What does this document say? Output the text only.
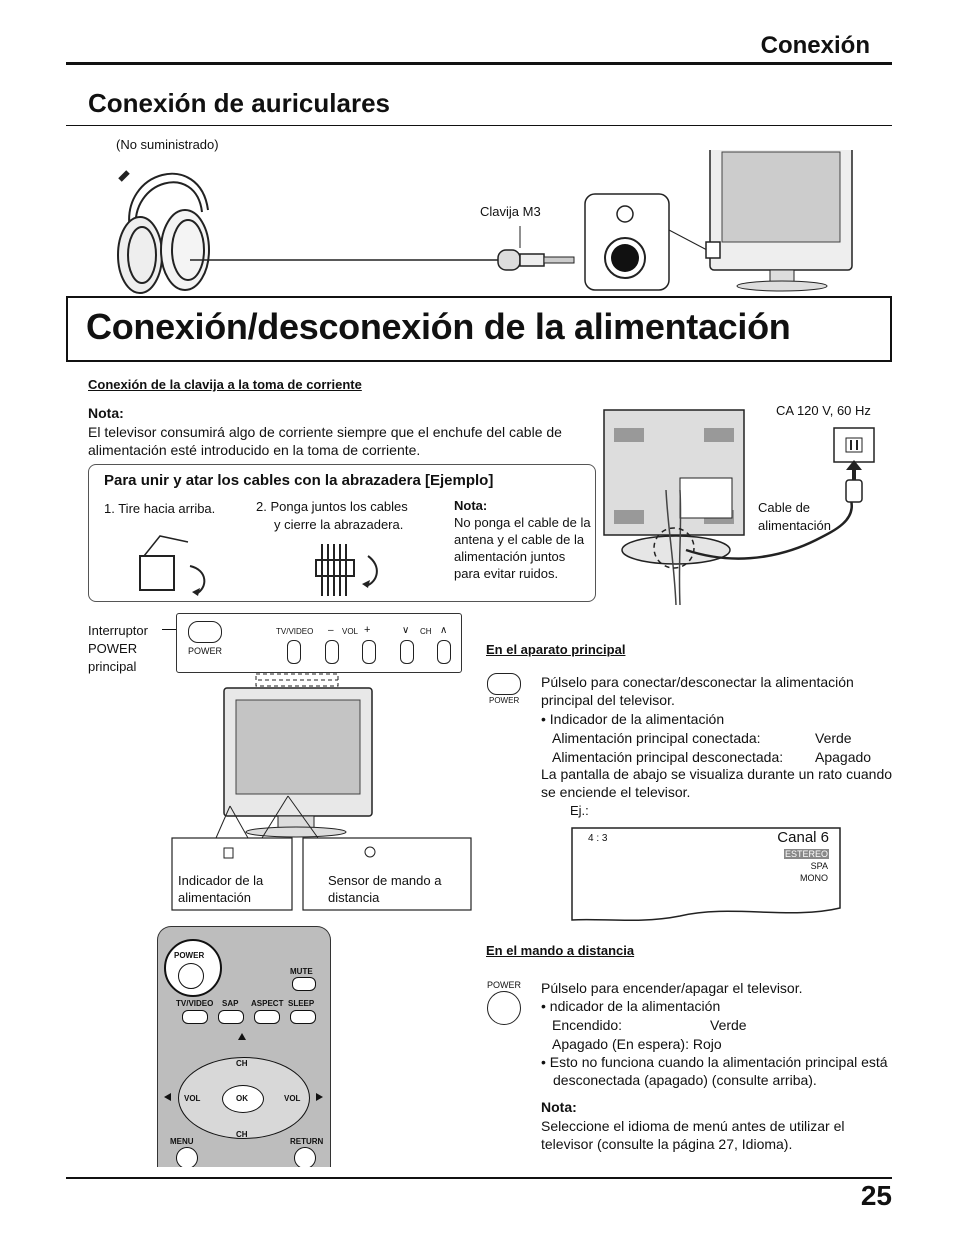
Conexión
Conexión de auriculares
(No suministrado)
Clavija M3
Conexión/desconexión de la alimentación
Conexión de la clavija a la toma de corriente
Nota:
El televisor consumirá algo de corriente siempre que el enchufe del cable de alimentación esté introducido en la toma de corriente.
CA 120 V, 60 Hz
Cable de
alimentación
Para unir y atar los cables con la abrazadera [Ejemplo]
1. Tire hacia arriba.	2. Ponga juntos los cables
y cierre la abrazadera.
Nota:
No ponga el cable de la antena y el cable de la alimentación juntos para evitar ruidos.
Interruptor
POWER
principal
POWER
TV/VIDEO – VOL +	∨ CH ∧
Indicador de la alimentación
Sensor de mando a distancia
En el aparato principal
POWER
Púlselo para conectar/desconectar la alimentación principal del televisor.
• Indicador de la alimentación
Alimentación principal conectada:	Verde
Alimentación principal desconectada: Apagado
La pantalla de abajo se visualiza durante un rato cuando se enciende el televisor.
Ej.:
4 : 3	Canal 6
ESTEREO
SPA
MONO
En el mando a distancia
POWER Púlselo para encender/apagar el televisor.
• ndicador de la alimentación
Encendido:	Verde
Apagado (En espera): Rojo
• Esto no funciona cuando la alimentación principal está desconectada (apagado) (consulte arriba).
Nota:
Seleccione el idioma de menú antes de utilizar el televisor (consulte la página 27, Idioma).
POWER
MUTE
TV/VIDEO SAP ASPECT SLEEP
CH
VOL	VOL
OK
CH
MENU	RETURN
25
